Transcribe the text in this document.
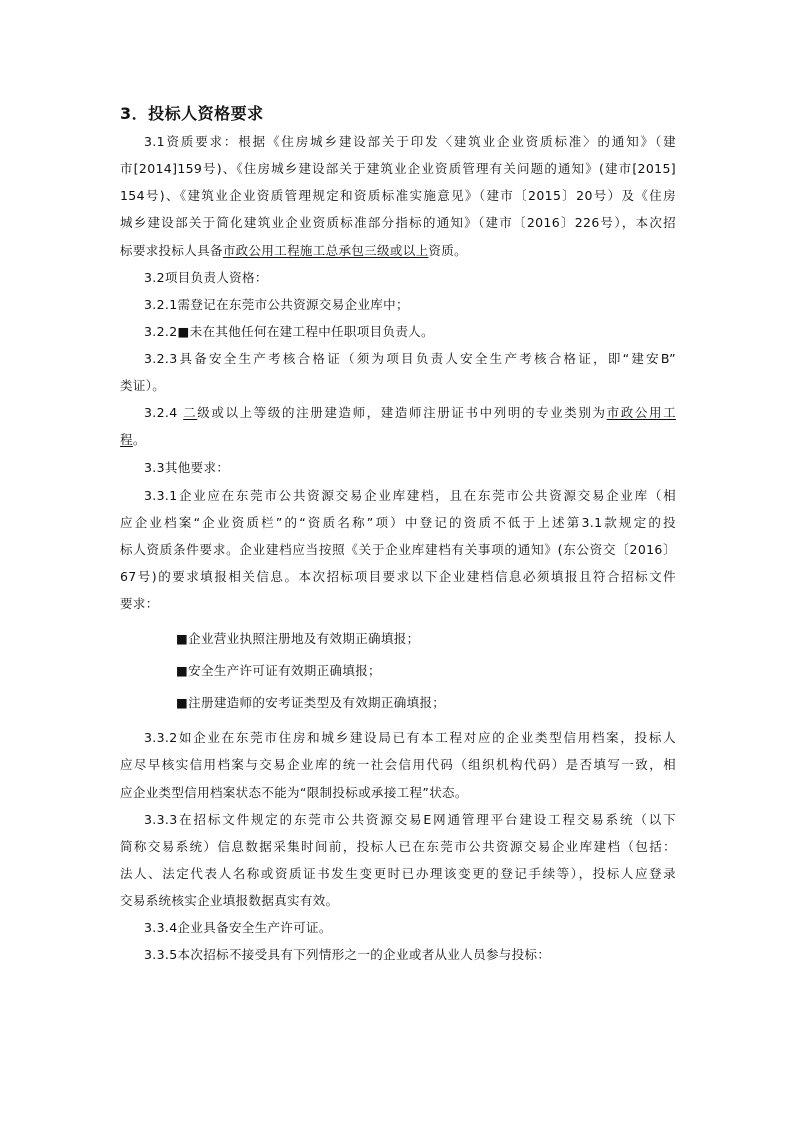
3．投标人资格要求
3.1资质要求：根据《住房城乡建设部关于印发〈建筑业企业资质标准〉的通知》（建
市[2014]159号)、《住房城乡建设部关于建筑业企业资质管理有关问题的通知》(建市[2015]
154号)、《建筑业企业资质管理规定和资质标准实施意见》（建市〔2015〕20号）及《住房
城乡建设部关于简化建筑业企业资质标准部分指标的通知》（建市〔2016〕226号），本次招
标要求投标人具备市政公用工程施工总承包三级或以上资质。
3.2项目负责人资格：
3.2.1需登记在东莞市公共资源交易企业库中；
3.2.2■未在其他任何在建工程中任职项目负责人。
3.2.3具备安全生产考核合格证（须为项目负责人安全生产考核合格证，即“建安B”
类证）。
3.2.4 二级或以上等级的注册建造师，建造师注册证书中列明的专业类别为市政公用工
程。
3.3其他要求：
3.3.1企业应在东莞市公共资源交易企业库建档，且在东莞市公共资源交易企业库（相
应企业档案“企业资质栏”的“资质名称”项）中登记的资质不低于上述第3.1款规定的投
标人资质条件要求。企业建档应当按照《关于企业库建档有关事项的通知》(东公资交〔2016〕
67号)的要求填报相关信息。本次招标项目要求以下企业建档信息必须填报且符合招标文件
要求：
■企业营业执照注册地及有效期正确填报；
■安全生产许可证有效期正确填报；
■注册建造师的安考证类型及有效期正确填报；
3.3.2如企业在东莞市住房和城乡建设局已有本工程对应的企业类型信用档案，投标人
应尽早核实信用档案与交易企业库的统一社会信用代码（组织机构代码）是否填写一致，相
应企业类型信用档案状态不能为“限制投标或承接工程”状态。
3.3.3在招标文件规定的东莞市公共资源交易E网通管理平台建设工程交易系统（以下
简称交易系统）信息数据采集时间前，投标人已在东莞市公共资源交易企业库建档（包括：
法人、法定代表人名称或资质证书发生变更时已办理该变更的登记手续等），投标人应登录
交易系统核实企业填报数据真实有效。
3.3.4企业具备安全生产许可证。
3.3.5本次招标不接受具有下列情形之一的企业或者从业人员参与投标：
